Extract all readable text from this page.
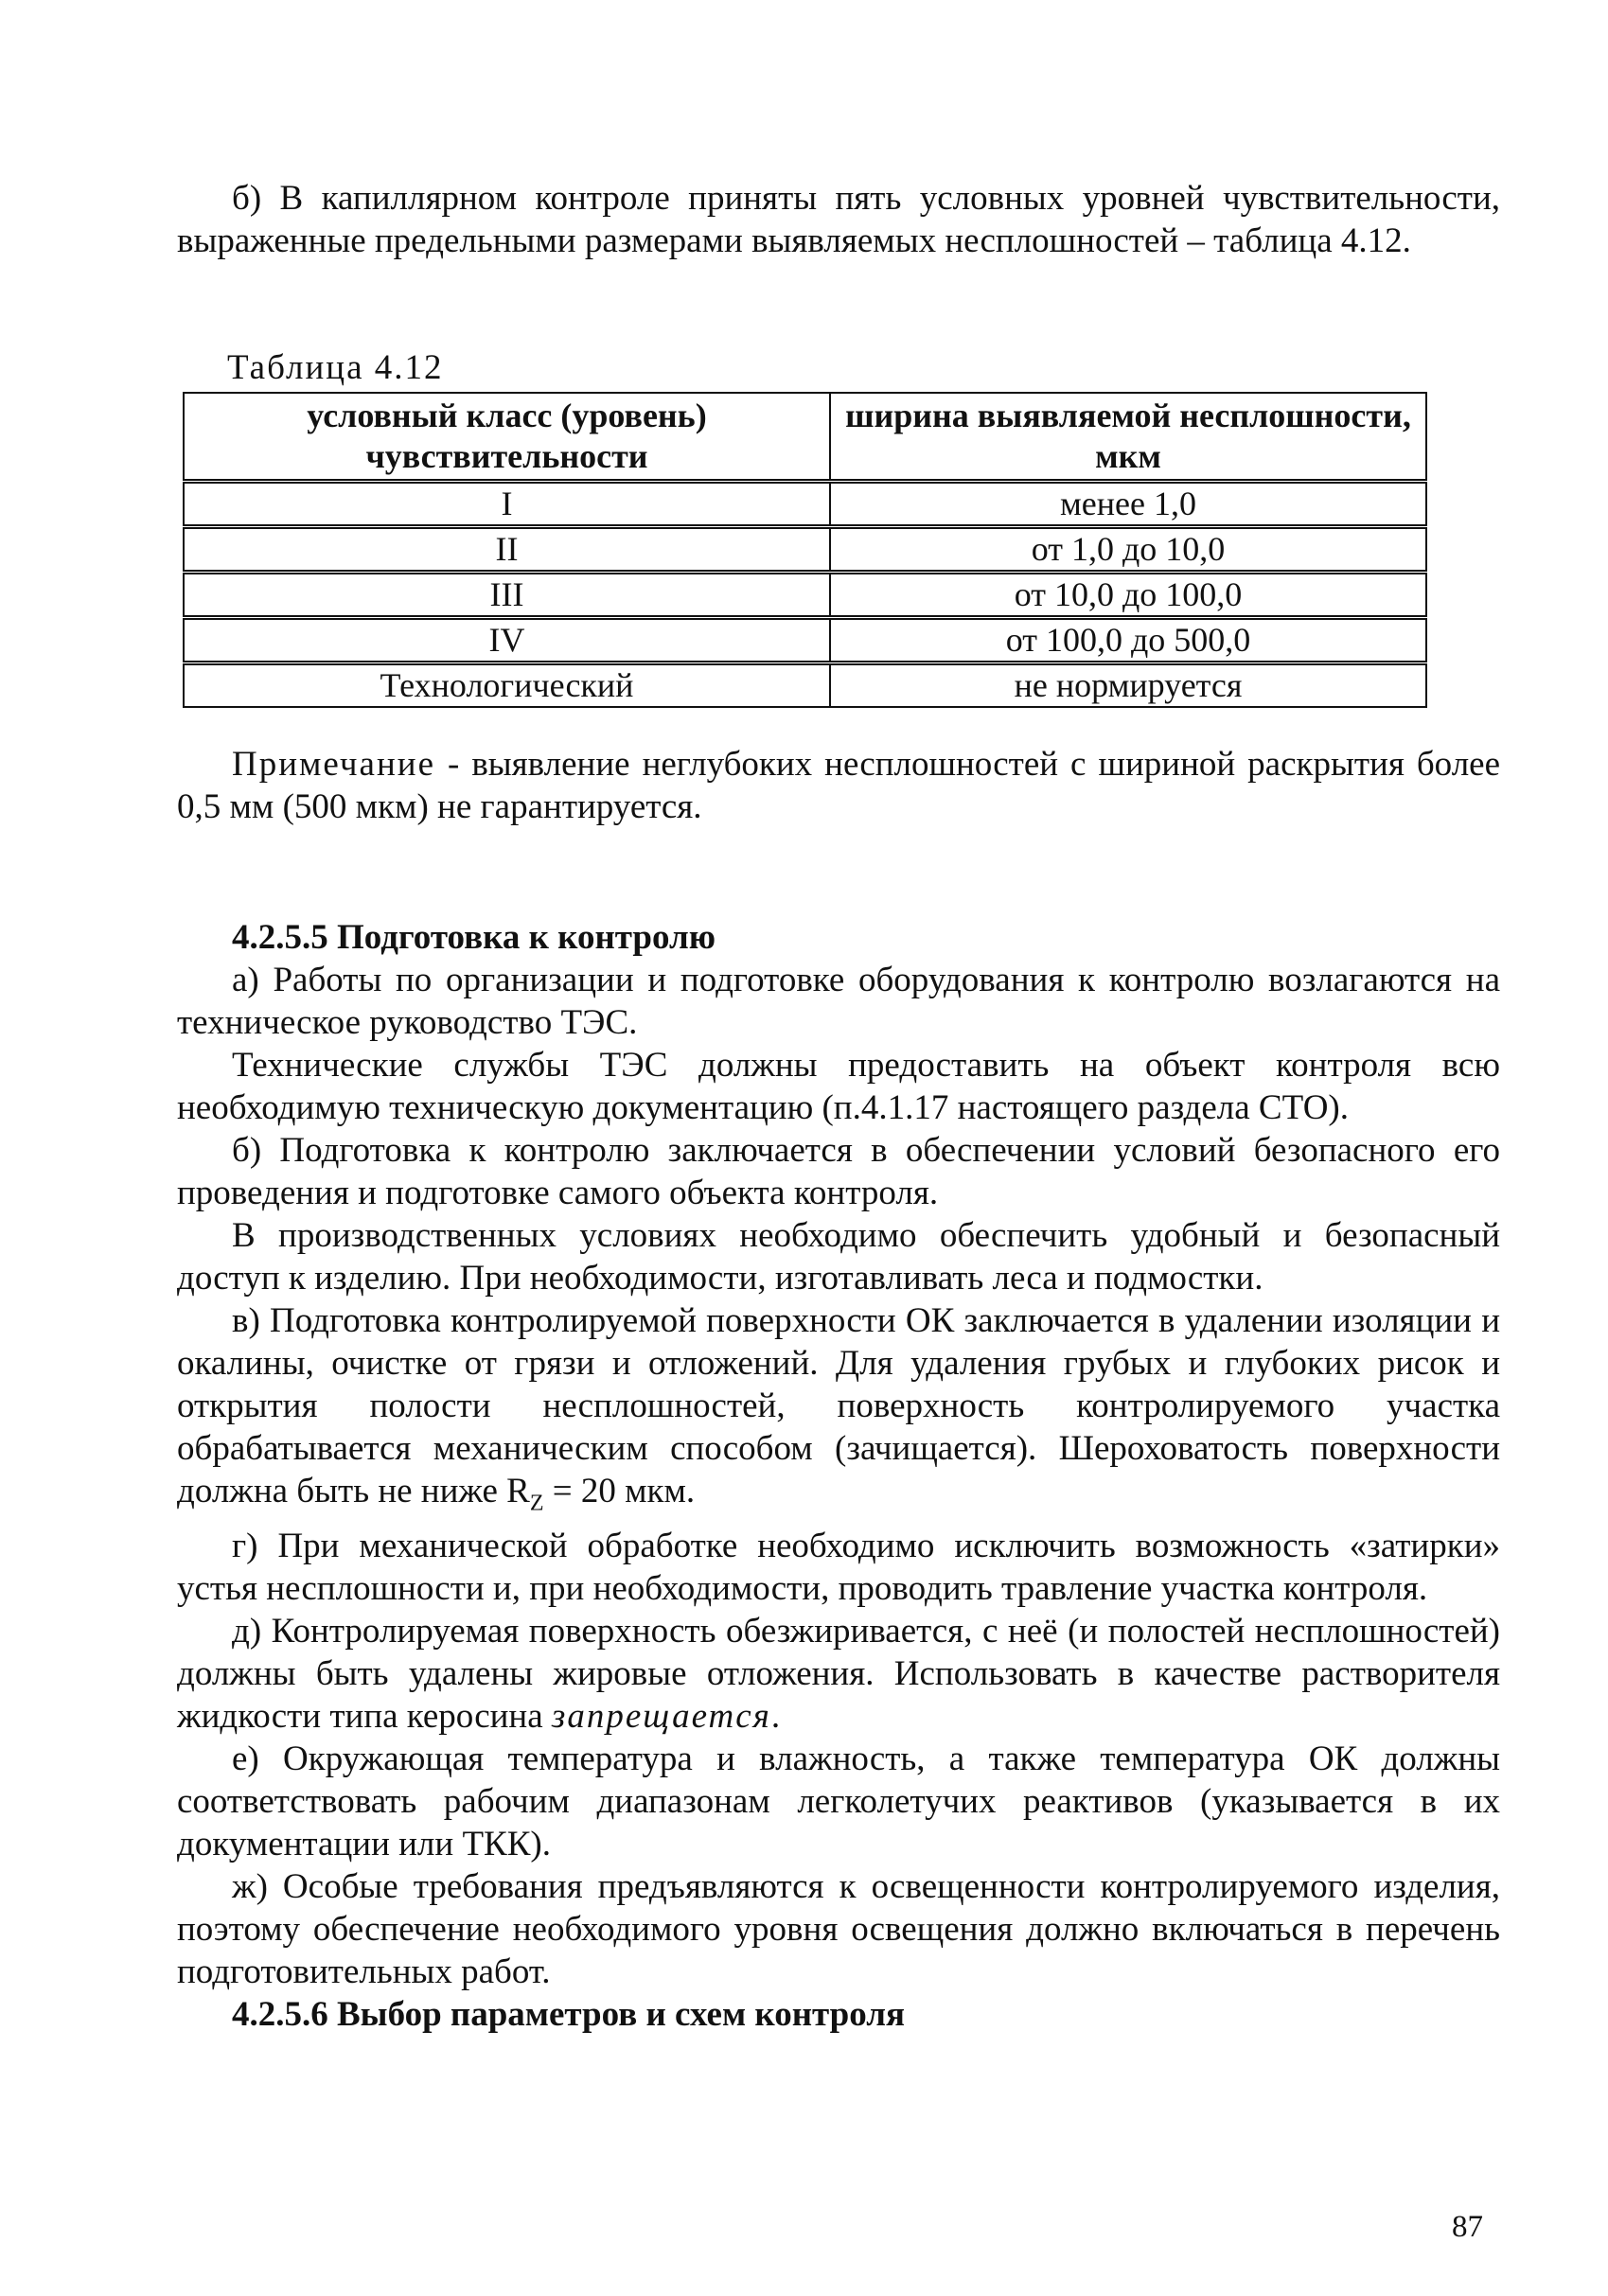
б) В капиллярном контроле приняты пять условных уровней чувствительности, выраженные предельными размерами выявляемых несплошностей – таблица 4.12.

Таблица 4.12
условный класс (уровень) чувствительности	ширина выявляемой несплошности, мкм
I	менее 1,0
II	от 1,0 до 10,0
III	от 10,0 до 100,0
IV	от 100,0 до 500,0
Технологический	не нормируется

Примечание - выявление неглубоких несплошностей с шириной раскрытия более 0,5 мм (500 мкм) не гарантируется.

4.2.5.5 Подготовка к контролю

а) Работы по организации и подготовке оборудования к контролю возлагаются на техническое руководство ТЭС.

Технические службы ТЭС должны предоставить на объект контроля всю необходимую техническую документацию (п.4.1.17 настоящего раздела СТО).

б) Подготовка к контролю заключается в обеспечении условий безопасного его проведения и подготовке самого объекта контроля.

В производственных условиях необходимо обеспечить удобный и безопасный доступ к изделию. При необходимости, изготавливать леса и подмостки.

в) Подготовка контролируемой поверхности ОК заключается в удалении изоляции и окалины, очистке от грязи и отложений. Для удаления грубых и глубоких рисок и открытия полости несплошностей, поверхность контролируемого участка обрабатывается механическим способом (зачищается). Шероховатость поверхности должна быть не ниже $R_Z = 20$ мкм.

г) При механической обработке необходимо исключить возможность «затирки» устья несплошности и, при необходимости, проводить травление участка контроля.

д) Контролируемая поверхность обезжиривается, с неё (и полостей несплошностей) должны быть удалены жировые отложения. Использовать в качестве растворителя жидкости типа керосина запрещается.

е) Окружающая температура и влажность, а также температура ОК должны соответствовать рабочим диапазонам легколетучих реактивов (указывается в их документации или ТКК).

ж) Особые требования предъявляются к освещенности контролируемого изделия, поэтому обеспечение необходимого уровня освещения должно включаться в перечень подготовительных работ.

4.2.5.6 Выбор параметров и схем контроля

87
